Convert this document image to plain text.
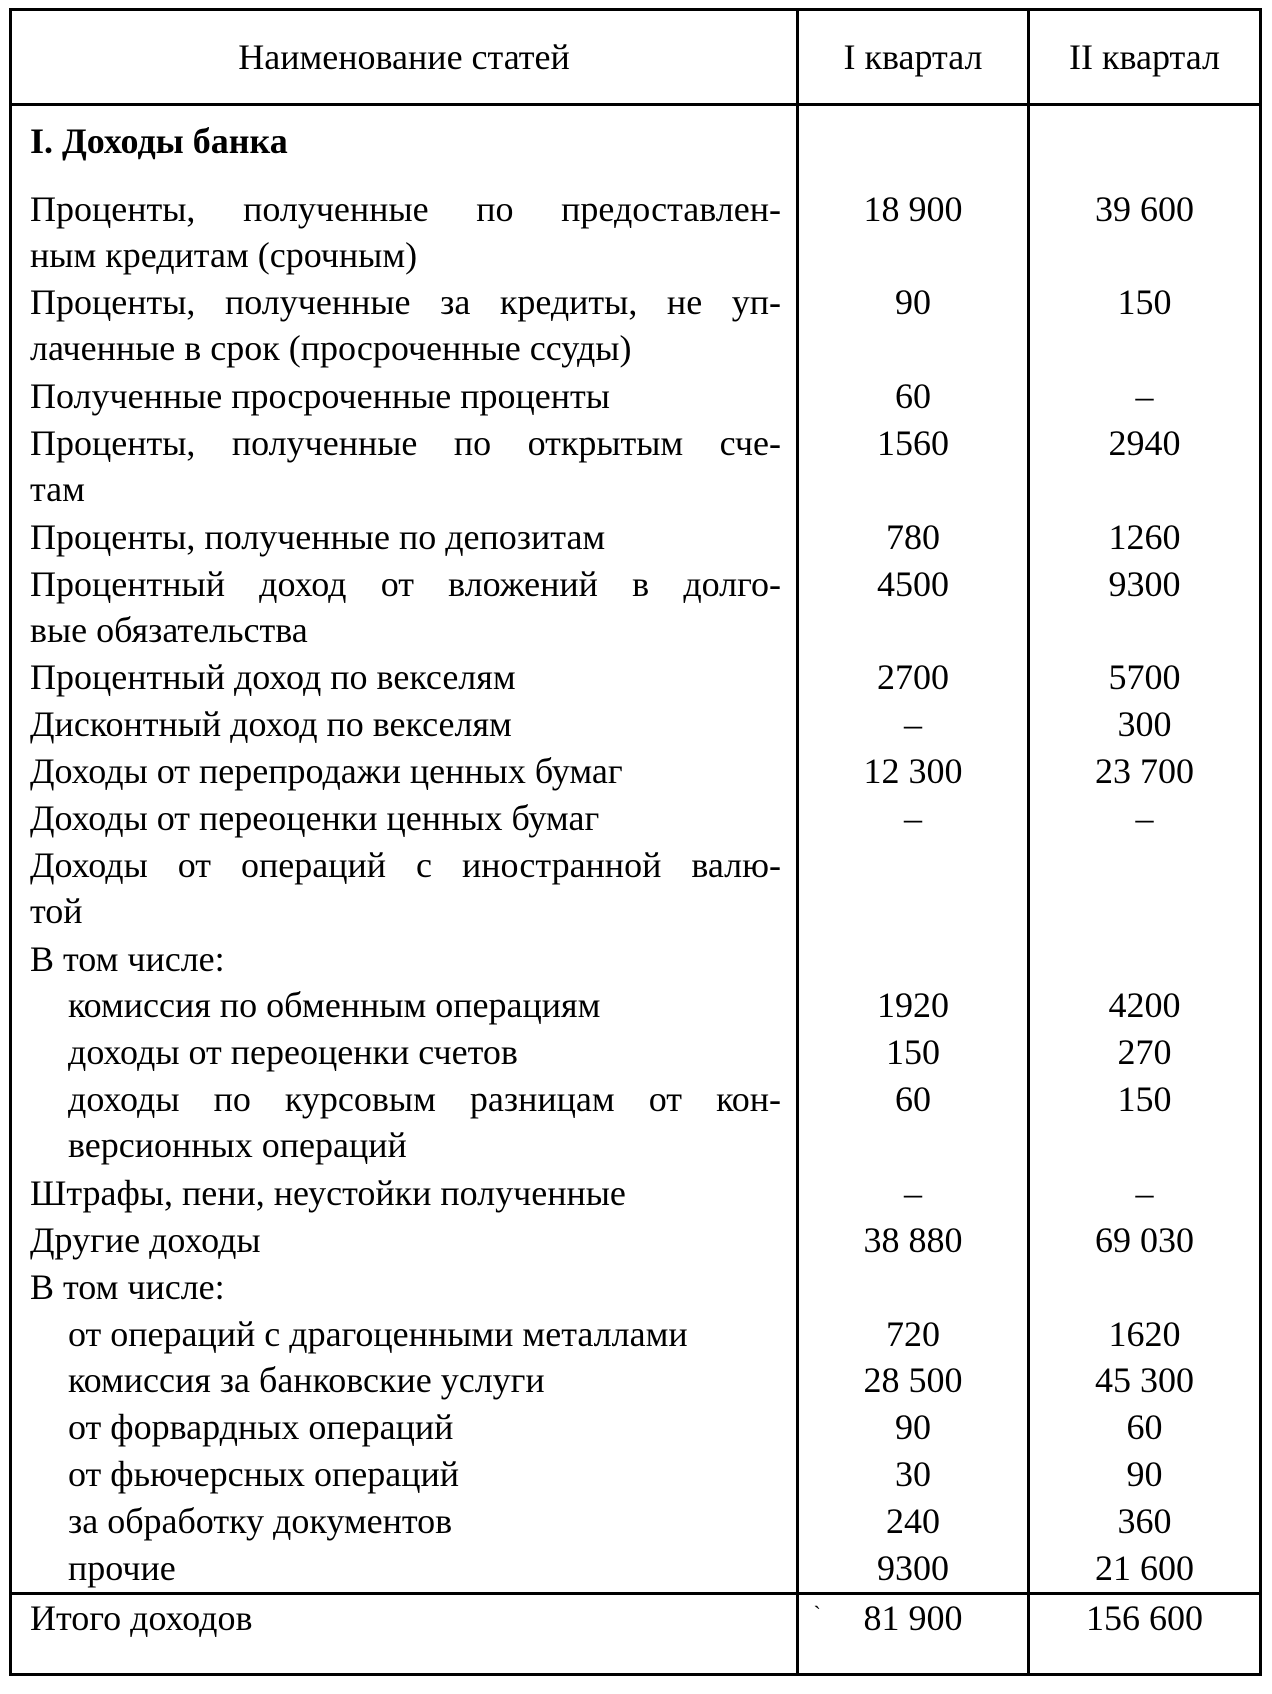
Наименование статей	I квартал	II квартал

I. Доходы банка		

Проценты, полученные по предоставлен-
ным кредитам (срочным)	18 900	39 600

Проценты, полученные за кредиты, не уп-
лаченные в срок (просроченные ссуды)	90	150

Полученные просроченные проценты	60	–

Проценты, полученные по открытым сче-
там	1560	2940

Проценты, полученные по депозитам	780	1260

Процентный доход от вложений в долго-
вые обязательства	4500	9300

Процентный доход по векселям	2700	5700

Дисконтный доход по векселям	–	300

Доходы от перепродажи ценных бумаг	12 300	23 700

Доходы от переоценки ценных бумаг	–	–

Доходы от операций с иностранной валю-
той		

В том числе:		

комиссия по обменным операциям	1920	4200

доходы от переоценки счетов	150	270

доходы по курсовым разницам от кон-
версионных операций	60	150

Штрафы, пени, неустойки полученные	–	–

Другие доходы	38 880	69 030

В том числе:		

от операций с драгоценными металлами	720	1620

комиссия за банковские услуги	28 500	45 300

от форвардных операций	90	60

от фьючерсных операций	30	90

за обработку документов	240	360

прочие	9300	21 600
Итого доходов	` 81 900	156 600
